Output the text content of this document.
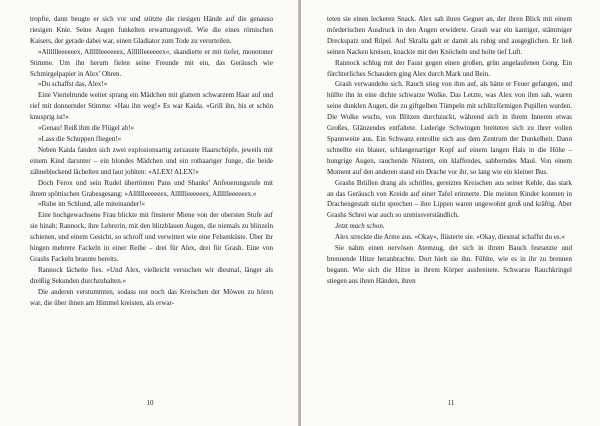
tropfte, dann beugte er sich vor und stützte die riesigen Hände auf die genauso riesigen Knie. Seine Augen funkelten erwartungsvoll. Wie die eines römischen Kaisers, der gerade dabei war, einen Gladiator zum Tode zu verurteilen.

»Alllllleeeeeex, Alllllleeeeeex, Alllllleeeeeex«, skandierte er mit tiefer, monotoner Stimme. Um ihn herum fielen seine Freunde mit ein, das Geräusch wie Schmirgelpapier in Alex’ Ohren.

»Du schaffst das, Alex!«

Eine Viertelrunde weiter sprang ein Mädchen mit glattem schwarzem Haar auf und rief mit donnernder Stimme: »Hau ihn weg!« Es war Kaida. »Grill ihn, bis er schön knusprig ist!«

»Genau! Reiß ihm die Flügel ab!«

»Lass die Schuppen fliegen!«

Neben Kaida fanden sich zwei explosionsartig zerzauste Haarschöpfe, jeweils mit einem Kind darunter – ein blondes Mädchen und ein rothaariger Junge, die beide zähnebleckend lächelten und laut johlten: »ALEX! ALEX!«

Doch Ferox und sein Rudel übertönten Pans und Shanks’ Anfeuerungsrufe mit ihrem spöttischen Grabesgesang: »Alllllleeeeeex, Alllllleeeeeex, Alllllleeeeeex.«

»Ruhe im Schlund, alle miteinander!«

Eine hochgewachsene Frau blickte mit finsterer Miene von der obersten Stufe auf sie hinab: Rannock, ihre Lehrerin, mit den blitzblauen Augen, die niemals zu blinzeln schienen, und einem Gesicht, so schroff und verwittert wie eine Felsenküste. Über ihr hingen mehrere Fackeln in einer Reihe – drei für Alex, drei für Grash. Eine von Grashs Fackeln brannte bereits.

Rannock lächelte fies. »Und Alex, vielleicht versuchen wir diesmal, länger als dreißig Sekunden durchzuhalten.«

Die anderen verstummten, sodass nur noch das Kreischen der Möwen zu hören war, die über ihnen am Himmel kreisten, als erwar-

10

teten sie einen leckeren Snack. Alex sah ihren Gegner an, der ihren Blick mit einem mörderischen Ausdruck in den Augen erwiderte. Grash war ein kantiger, stämmiger Dreckspatz und Rüpel. Auf Skralla galt er damit als ruhig und ausgeglichen. Er ließ seinen Nacken kreisen, knackte mit den Knöcheln und holte tief Luft.

Rannock schlug mit der Faust gegen einen großen, grün angelaufenen Gong. Ein fürchterliches Schaudern ging Alex durch Mark und Bein.

Grash verwandelte sich. Rauch stieg von ihm auf, als hätte er Feuer gefangen, und hüllte ihn in eine dichte schwarze Wolke. Das Letzte, was Alex von ihm sah, waren seine dunklen Augen, die zu giftgelben Tümpeln mit schlitzförmigen Pupillen wurden. Die Wolke wuchs, von Blitzen durchzuckt, während sich in ihrem Inneren etwas Großes, Glänzendes entfaltete. Lederige Schwingen breiteten sich zu ihrer vollen Spannweite aus. Ein Schwanz entrollte sich aus dem Zentrum der Dunkelheit. Dann schnellte ein blauer, schlangenartiger Kopf auf einem langen Hals in die Höhe – hungrige Augen, rauchende Nüstern, ein klaffendes, sabberndes Maul. Von einem Moment auf den anderen stand ein Drache vor ihr, so lang wie ein kleiner Bus.

Grashs Brüllen drang als schrilles, gereiztes Kreischen aus seiner Kehle, das stark an das Geräusch von Kreide auf einer Tafel erinnerte. Die meisten Kinder konnten in Drachengestalt nicht sprechen – ihre Lippen waren ungewohnt groß und kräftig. Aber Grashs Schrei war auch so unmissverständlich.

Jetzt mach schon.

Alex streckte die Arme aus. »Okay«, flüsterte sie. »Okay, diesmal schaffst du es.«

Sie nahm einen nervösen Atemzug, der sich in ihrem Bauch festsetzte und brennende Hitze heranbrachte. Dort hielt sie ihn. Fühlte, wie es in ihr zu brennen begann. Wie sich die Hitze in ihrem Körper ausbreitete. Schwarze Rauchkringel stiegen aus ihren Händen, ihren

11
